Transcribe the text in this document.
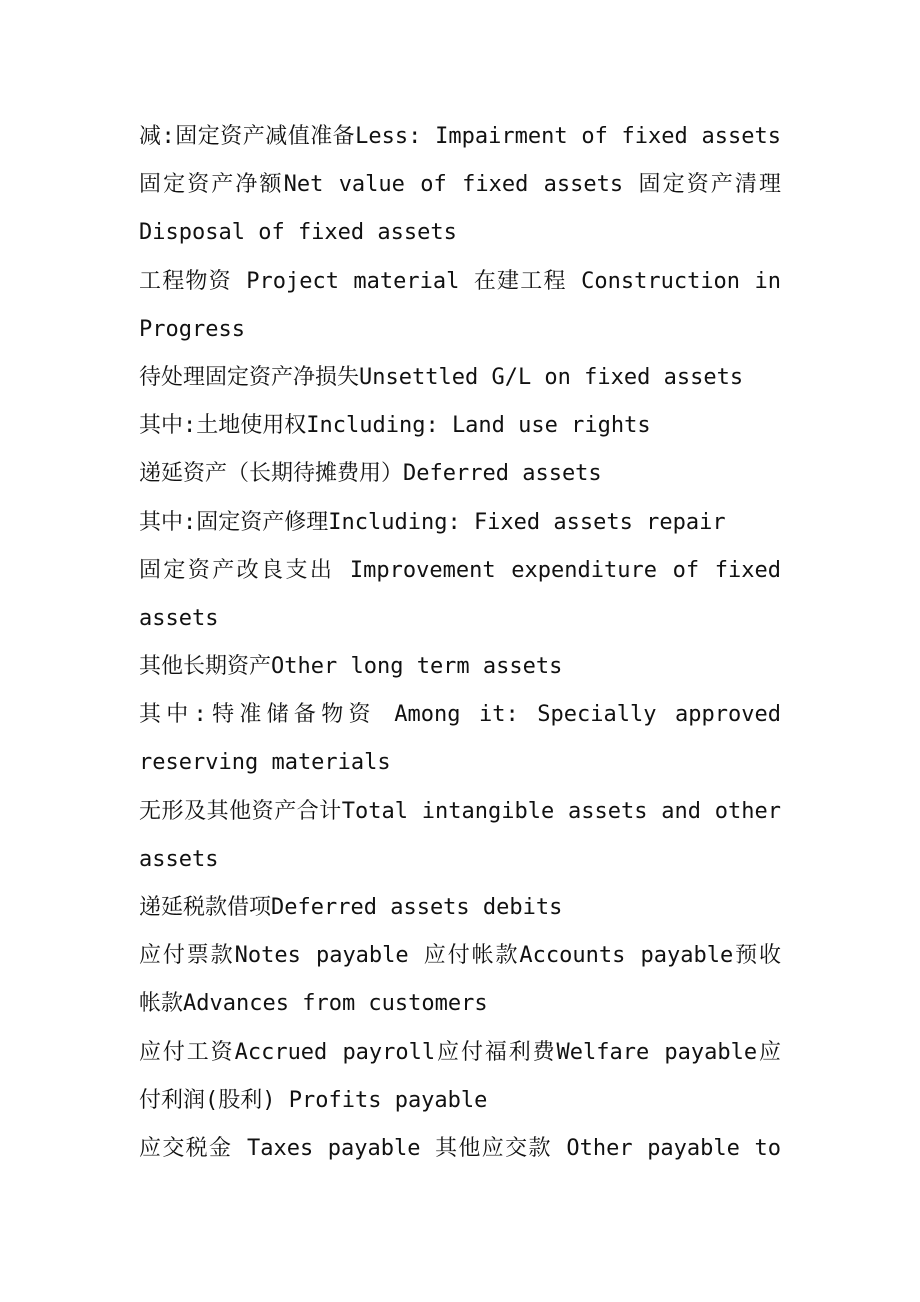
减:固定资产减值准备Less: Impairment of fixed assets
固定资产净额Net value of fixed assets 固定资产清理
Disposal of fixed assets
工程物资 Project material 在建工程 Construction in
Progress
待处理固定资产净损失Unsettled G/L on fixed assets
其中:土地使用权Including: Land use rights
递延资产（长期待摊费用）Deferred assets
其中:固定资产修理Including: Fixed assets repair
固定资产改良支出 Improvement expenditure of fixed
assets
其他长期资产Other long term assets
其中:特准储备物资 Among it: Specially approved
reserving materials
无形及其他资产合计Total intangible assets and other
assets
递延税款借项Deferred assets debits
应付票款Notes payable 应付帐款Accounts payable预收
帐款Advances from customers
应付工资Accrued payroll应付福利费Welfare payable应
付利润(股利) Profits payable
应交税金 Taxes payable 其他应交款 Other payable to
